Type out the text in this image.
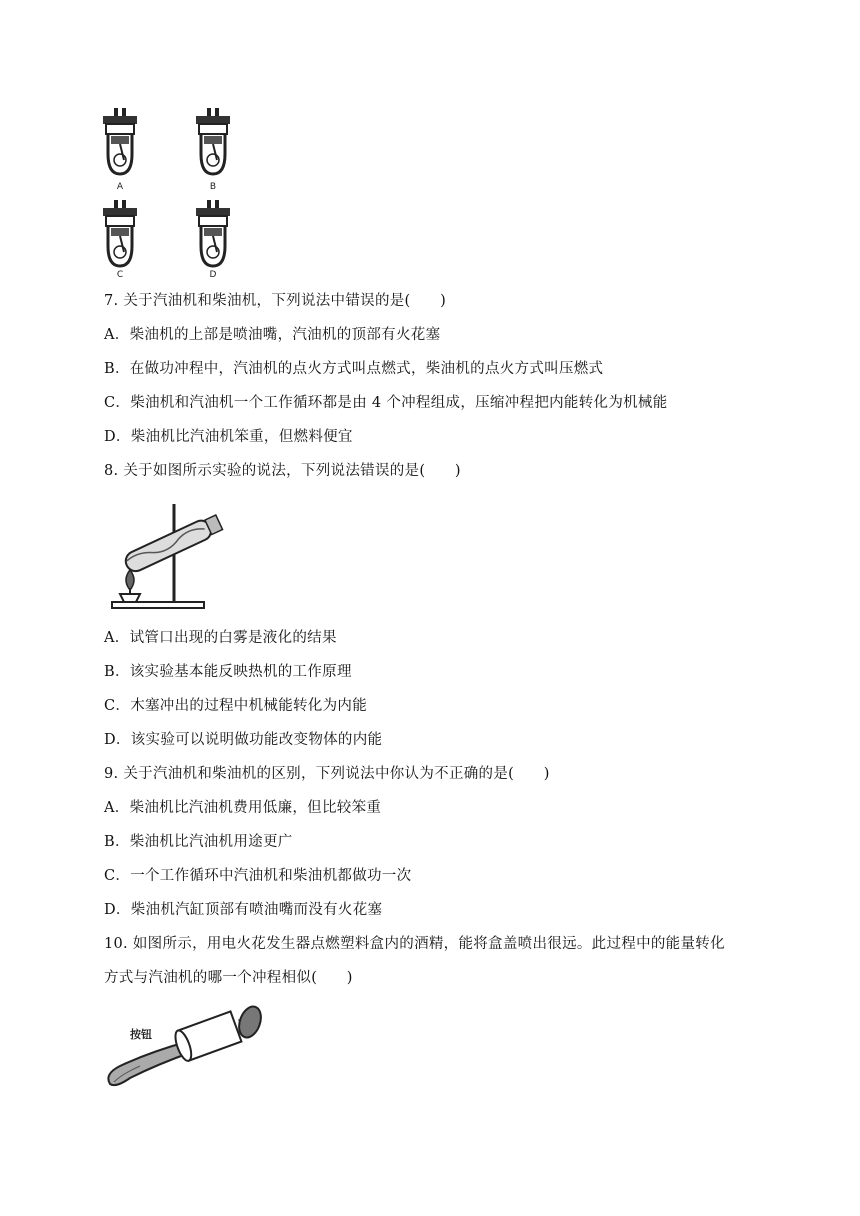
A	B
C	D
7. 关于汽油机和柴油机，下列说法中错误的是(　　)
A．柴油机的上部是喷油嘴，汽油机的顶部有火花塞
B．在做功冲程中，汽油机的点火方式叫点燃式，柴油机的点火方式叫压燃式
C．柴油机和汽油机一个工作循环都是由 4 个冲程组成，压缩冲程把内能转化为机械能
D．柴油机比汽油机笨重，但燃料便宜
8. 关于如图所示实验的说法，下列说法错误的是(　　)
A．试管口出现的白雾是液化的结果
B．该实验基本能反映热机的工作原理
C．木塞冲出的过程中机械能转化为内能
D．该实验可以说明做功能改变物体的内能
9. 关于汽油机和柴油机的区别，下列说法中你认为不正确的是(　　)
A．柴油机比汽油机费用低廉，但比较笨重
B．柴油机比汽油机用途更广
C．一个工作循环中汽油机和柴油机都做功一次
D．柴油机汽缸顶部有喷油嘴而没有火花塞
10. 如图所示，用电火花发生器点燃塑料盒内的酒精，能将盒盖喷出很远。此过程中的能量转化
方式与汽油机的哪一个冲程相似(　　)
按钮
